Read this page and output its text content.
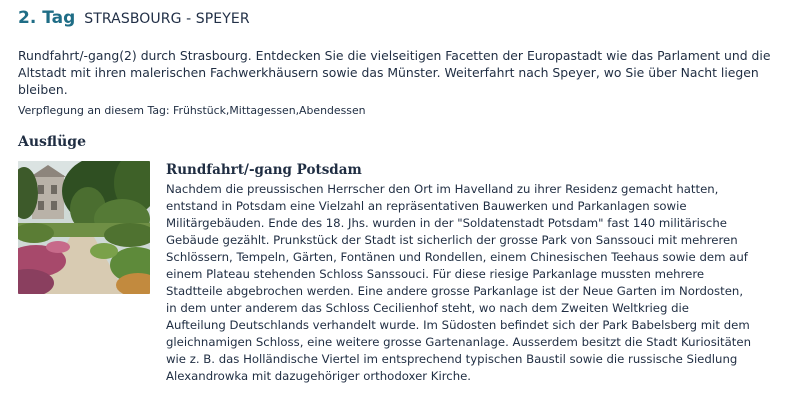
2. Tag STRASBOURG - SPEYER

Rundfahrt/-gang(2) durch Strasbourg. Entdecken Sie die vielseitigen Facetten der Europastadt wie das Parlament und die Altstadt mit ihren malerischen Fachwerkhäusern sowie das Münster. Weiterfahrt nach Speyer, wo Sie über Nacht liegen bleiben.

Verpflegung an diesem Tag: Frühstück,Mittagessen,Abendessen

Ausflüge
Rundfahrt/-gang Potsdam
Nachdem die preussischen Herrscher den Ort im Havelland zu ihrer Residenz gemacht hatten,
entstand in Potsdam eine Vielzahl an repräsentativen Bauwerken und Parkanlagen sowie
Militärgebäuden. Ende des 18. Jhs. wurden in der "Soldatenstadt Potsdam" fast 140 militärische
Gebäude gezählt. Prunkstück der Stadt ist sicherlich der grosse Park von Sanssouci mit mehreren
Schlössern, Tempeln, Gärten, Fontänen und Rondellen, einem Chinesischen Teehaus sowie dem auf
einem Plateau stehenden Schloss Sanssouci. Für diese riesige Parkanlage mussten mehrere
Stadtteile abgebrochen werden. Eine andere grosse Parkanlage ist der Neue Garten im Nordosten,
in dem unter anderem das Schloss Cecilienhof steht, wo nach dem Zweiten Weltkrieg die
Aufteilung Deutschlands verhandelt wurde. Im Südosten befindet sich der Park Babelsberg mit dem
gleichnamigen Schloss, eine weitere grosse Gartenanlage. Ausserdem besitzt die Stadt Kuriositäten
wie z. B. das Holländische Viertel im entsprechend typischen Baustil sowie die russische Siedlung
Alexandrowka mit dazugehöriger orthodoxer Kirche.
